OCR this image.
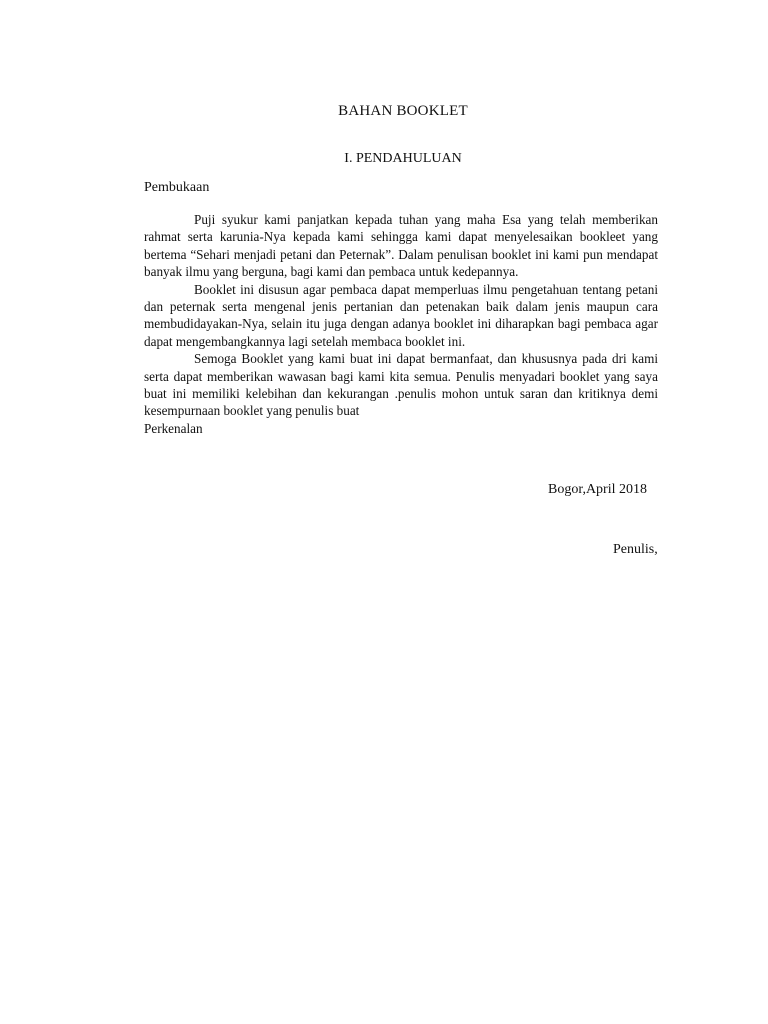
BAHAN BOOKLET
I. PENDAHULUAN
Pembukaan

Puji syukur kami panjatkan kepada tuhan yang maha Esa yang telah memberikan rahmat serta karunia-Nya kepada kami sehingga kami dapat menyelesaikan bookleet yang bertema “Sehari menjadi petani dan Peternak”. Dalam penulisan booklet ini kami pun mendapat banyak ilmu yang berguna, bagi kami dan pembaca untuk kedepannya.

Booklet ini disusun agar pembaca dapat memperluas ilmu pengetahuan tentang petani dan peternak serta mengenal jenis pertanian dan petenakan baik dalam jenis maupun cara membudidayakan-Nya, selain itu juga dengan adanya booklet ini diharapkan bagi pembaca agar dapat mengembangkannya lagi setelah membaca booklet ini.

Semoga Booklet yang kami buat ini dapat bermanfaat, dan khususnya pada dri kami serta dapat memberikan wawasan bagi kami kita semua. Penulis menyadari booklet yang saya buat ini memiliki kelebihan dan kekurangan .penulis mohon untuk saran dan kritiknya demi kesempurnaan booklet yang penulis buat

Perkenalan

Bogor,April 2018
Penulis,
